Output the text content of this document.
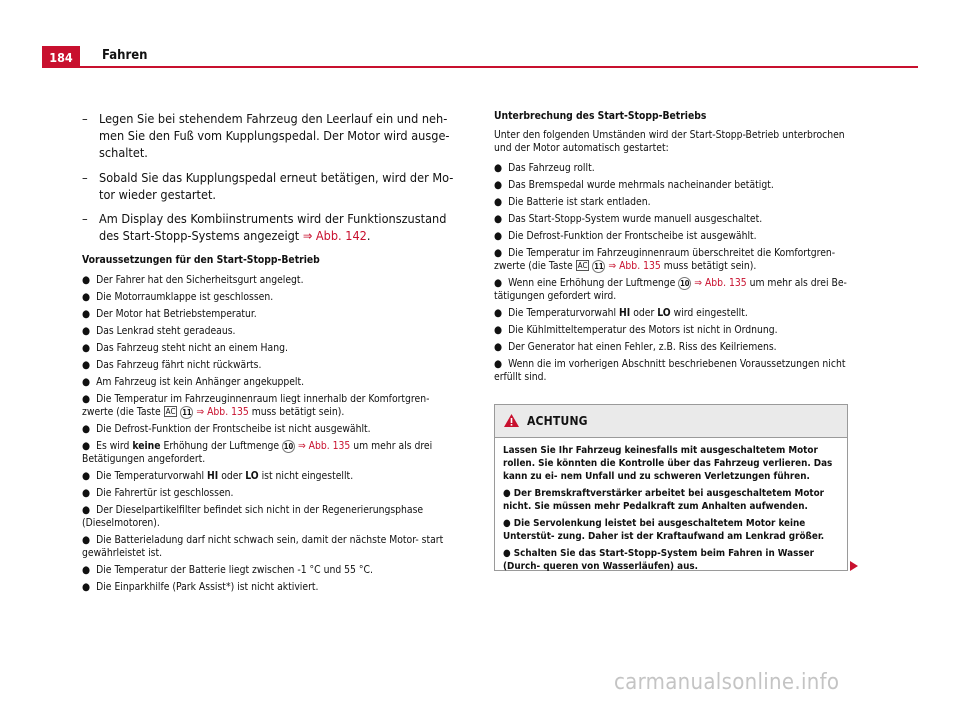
184	Fahren
– Legen Sie bei stehendem Fahrzeug den Leerlauf ein und neh- men Sie den Fuß vom Kupplungspedal. Der Motor wird ausge- schaltet.
– Sobald Sie das Kupplungspedal erneut betätigen, wird der Mo- tor wieder gestartet.
– Am Display des Kombiinstruments wird der Funktionszustand des Start-Stopp-Systems angezeigt ⇒ Abb. 142.
Voraussetzungen für den Start-Stopp-Betrieb
● Der Fahrer hat den Sicherheitsgurt angelegt.
● Die Motorraumklappe ist geschlossen.
● Der Motor hat Betriebstemperatur.
● Das Lenkrad steht geradeaus.
● Das Fahrzeug steht nicht an einem Hang.
● Das Fahrzeug fährt nicht rückwärts.
● Am Fahrzeug ist kein Anhänger angekuppelt.
● Die Temperatur im Fahrzeuginnenraum liegt innerhalb der Komfortgren- zwerte (die Taste AC 11 ⇒ Abb. 135 muss betätigt sein).
● Die Defrost-Funktion der Frontscheibe ist nicht ausgewählt.
● Es wird keine Erhöhung der Luftmenge 10 ⇒ Abb. 135 um mehr als drei Betätigungen angefordert.
● Die Temperaturvorwahl HI oder LO ist nicht eingestellt.
● Die Fahrertür ist geschlossen.
● Der Dieselpartikelfilter befindet sich nicht in der Regenerierungsphase (Dieselmotoren).
● Die Batterieladung darf nicht schwach sein, damit der nächste Motor- start gewährleistet ist.
● Die Temperatur der Batterie liegt zwischen -1 °C und 55 °C.
● Die Einparkhilfe (Park Assist*) ist nicht aktiviert.
Unterbrechung des Start-Stopp-Betriebs
Unter den folgenden Umständen wird der Start-Stopp-Betrieb unterbrochen und der Motor automatisch gestartet:
● Das Fahrzeug rollt.
● Das Bremspedal wurde mehrmals nacheinander betätigt.
● Die Batterie ist stark entladen.
● Das Start-Stopp-System wurde manuell ausgeschaltet.
● Die Defrost-Funktion der Frontscheibe ist ausgewählt.
● Die Temperatur im Fahrzeuginnenraum überschreitet die Komfortgren- zwerte (die Taste AC 11 ⇒ Abb. 135 muss betätigt sein).
● Wenn eine Erhöhung der Luftmenge 10 ⇒ Abb. 135 um mehr als drei Be- tätigungen gefordert wird.
● Die Temperaturvorwahl HI oder LO wird eingestellt.
● Die Kühlmitteltemperatur des Motors ist nicht in Ordnung.
● Der Generator hat einen Fehler, z.B. Riss des Keilriemens.
● Wenn die im vorherigen Abschnitt beschriebenen Voraussetzungen nicht erfüllt sind.
ACHTUNG

Lassen Sie Ihr Fahrzeug keinesfalls mit ausgeschaltetem Motor rollen. Sie könnten die Kontrolle über das Fahrzeug verlieren. Das kann zu ei- nem Unfall und zu schweren Verletzungen führen.

● Der Bremskraftverstärker arbeitet bei ausgeschaltetem Motor nicht. Sie müssen mehr Pedalkraft zum Anhalten aufwenden.

● Die Servolenkung leistet bei ausgeschaltetem Motor keine Unterstüt- zung. Daher ist der Kraftaufwand am Lenkrad größer.

● Schalten Sie das Start-Stopp-System beim Fahren in Wasser (Durch- queren von Wasserläufen) aus.

carmanualsonline.info
